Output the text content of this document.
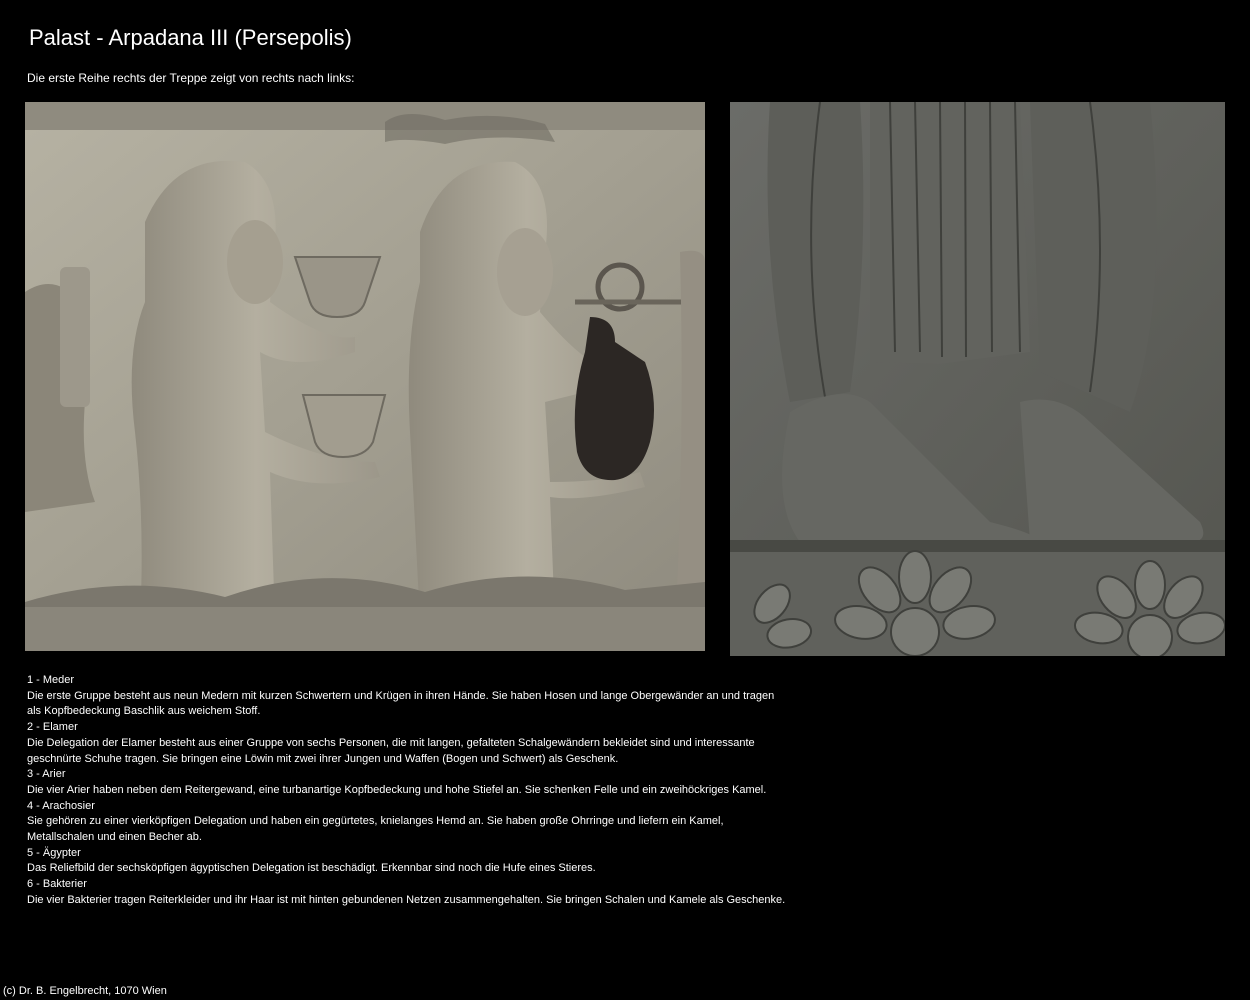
Palast - Arpadana III (Persepolis)
Die erste Reihe rechts der Treppe zeigt von rechts nach links:
1 - Meder
Die erste Gruppe besteht aus neun Medern mit kurzen Schwertern und Krügen in ihren Hände. Sie haben Hosen und lange Obergewänder an und tragen als Kopfbedeckung Baschlik aus weichem Stoff.
2 - Elamer
Die Delegation der Elamer besteht aus einer Gruppe von sechs Personen, die mit langen, gefalteten Schalgewändern bekleidet sind und interessante geschnürte Schuhe tragen. Sie bringen eine Löwin mit zwei ihrer Jungen und Waffen (Bogen und Schwert) als Geschenk.
3 - Arier
Die vier Arier haben neben dem Reitergewand, eine turbanartige Kopfbedeckung und hohe Stiefel an. Sie schenken Felle und ein zweihöckriges Kamel.
4 - Arachosier
Sie gehören zu einer vierköpfigen Delegation und haben ein gegürtetes, knielanges Hemd an. Sie haben große Ohrringe und liefern ein Kamel, Metallschalen und einen Becher ab.
5 - Ägypter
Das Reliefbild der sechsköpfigen ägyptischen Delegation ist beschädigt. Erkennbar sind noch die Hufe eines Stieres.
6 - Bakterier
Die vier Bakterier tragen Reiterkleider und ihr Haar ist mit hinten gebundenen Netzen zusammengehalten. Sie bringen Schalen und Kamele als Geschenke.
(c) Dr. B. Engelbrecht, 1070 Wien
